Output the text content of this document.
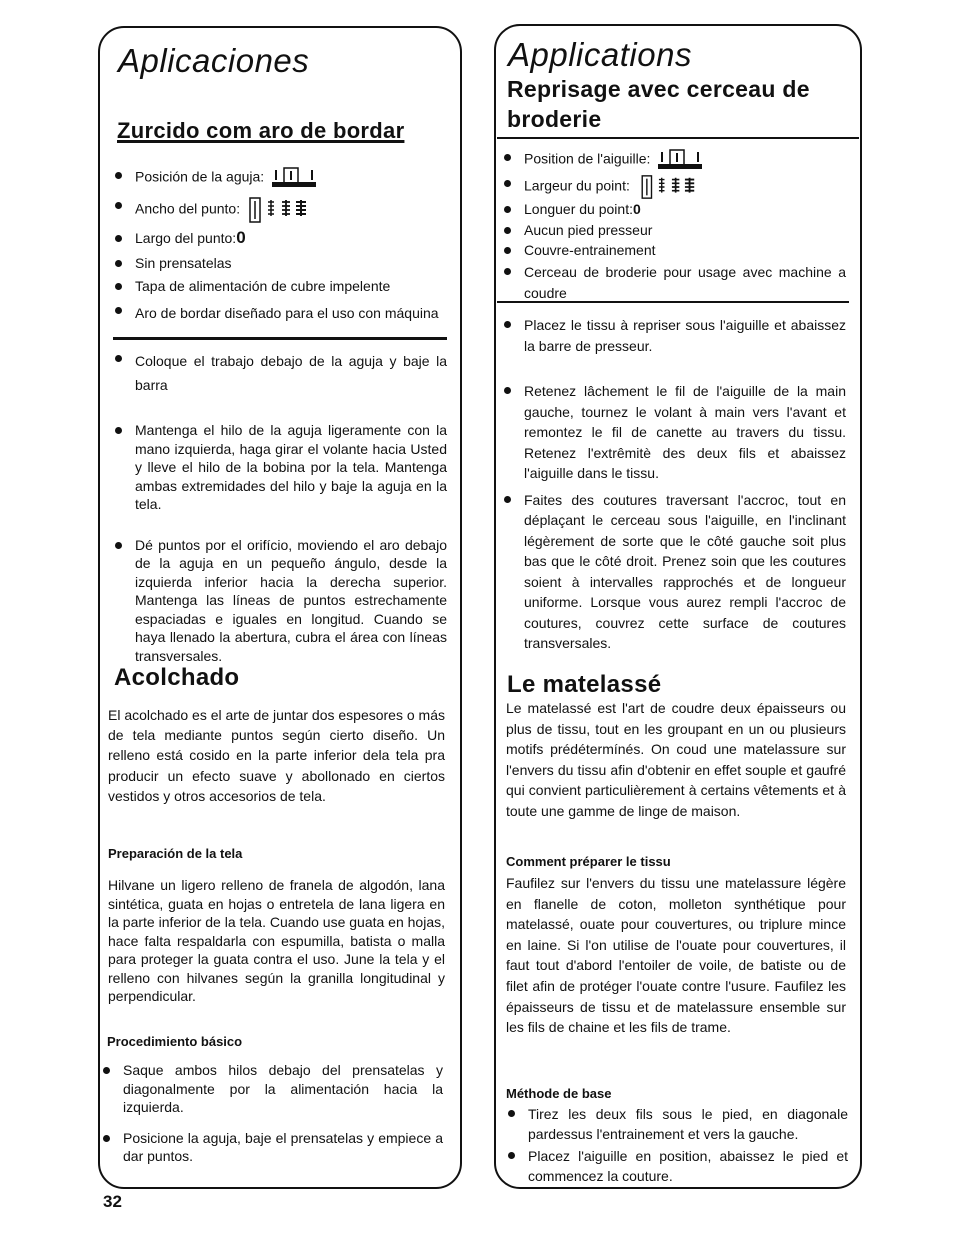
Aplicaciones
Zurcido com aro de bordar
Posición de la aguja:
Ancho del punto:
Largo del punto:0
Sin prensatelas
Tapa de alimentación de cubre impelente
Aro de bordar diseñado para el uso con máquina
Coloque el trabajo debajo de la aguja y baje la barra
Mantenga el hilo de la aguja ligeramente con la mano izquierda, haga girar el volante hacia Usted y lleve el hilo de la bobina por la tela. Mantenga ambas extremidades del hilo y baje la aguja en la tela.
Dé puntos por el orifício, moviendo el aro debajo de la aguja en un pequeño ángulo, desde la izquierda inferior hacia la derecha superior. Mantenga las líneas de puntos estrechamente espaciadas e iguales en longitud. Cuando se haya llenado la abertura, cubra el área con líneas transversales.
Acolchado
El acolchado es el arte de juntar dos espesores o más de tela mediante puntos según cierto diseño. Un relleno está cosido en la parte inferior dela tela pra producir un efecto suave y abollonado en ciertos vestidos y otros accesorios de tela.
Preparación de la tela
Hilvane un ligero relleno de franela de algodón, lana sintética, guata en hojas o entretela de lana ligera en la parte inferior de la tela. Cuando use guata en hojas, hace falta respaldarla con espumilla, batista o malla para proteger la guata contra el uso. June la tela y el relleno con hilvanes según la granilla longitudinal y perpendicular.
Procedimiento básico
Saque ambos hilos debajo del prensatelas y diagonalmente por la alimentación hacia la izquierda.
Posicione la aguja, baje el prensatelas y empiece a dar puntos.
Applications
Reprisage avec cerceau de broderie
Position de l'aiguille:
Largeur du point:
Longuer du point:0
Aucun pied presseur
Couvre-entrainement
Cerceau de broderie pour usage avec machine a coudre
Placez le tissu à repriser sous l'aiguille et abaissez la barre de presseur.
Retenez lâchement le fil de l'aiguille de la main gauche, tournez le volant à main vers l'avant et remontez le fil de canette au travers du tissu. Retenez l'extrêmitè des deux fils et abaissez l'aiguille dans le tissu.
Faites des coutures traversant l'accroc, tout en déplaçant le cerceau sous l'aiguille, en l'inclinant légèrement de sorte que le côté gauche soit plus bas que le côté droit. Prenez soin que les coutures soient à intervalles rapprochés et de longueur uniforme. Lorsque vous aurez rempli l'accroc de coutures, couvrez cette surface de coutures transversales.
Le matelassé
Le matelassé est l'art de coudre deux épaisseurs ou plus de tissu, tout en les groupant en un ou plusieurs motifs prédétermínés. On coud une matelassure sur l'envers du tissu afin d'obtenir en effet souple et gaufré qui convient particulièrement à certains vêtements et à toute une gamme de linge de maison.
Comment préparer le tissu
Faufilez sur l'envers du tissu une matelassure légère en flanelle de coton, molleton synthétique pour matelassé, ouate pour couvertures, ou triplure mince en laine. Si l'on utilise de l'ouate pour couvertures, il faut tout d'abord l'entoiler de voile, de batiste ou de filet afin de protéger l'ouate contre l'usure. Faufilez les épaisseurs de tissu et de matelassure ensemble sur les fils de chaine et les fils de trame.
Méthode de base
Tirez les deux fils sous le pied, en diagonale pardessus l'entrainement et vers la gauche.
Placez l'aiguille en position, abaissez le pied et commencez la couture.
32
